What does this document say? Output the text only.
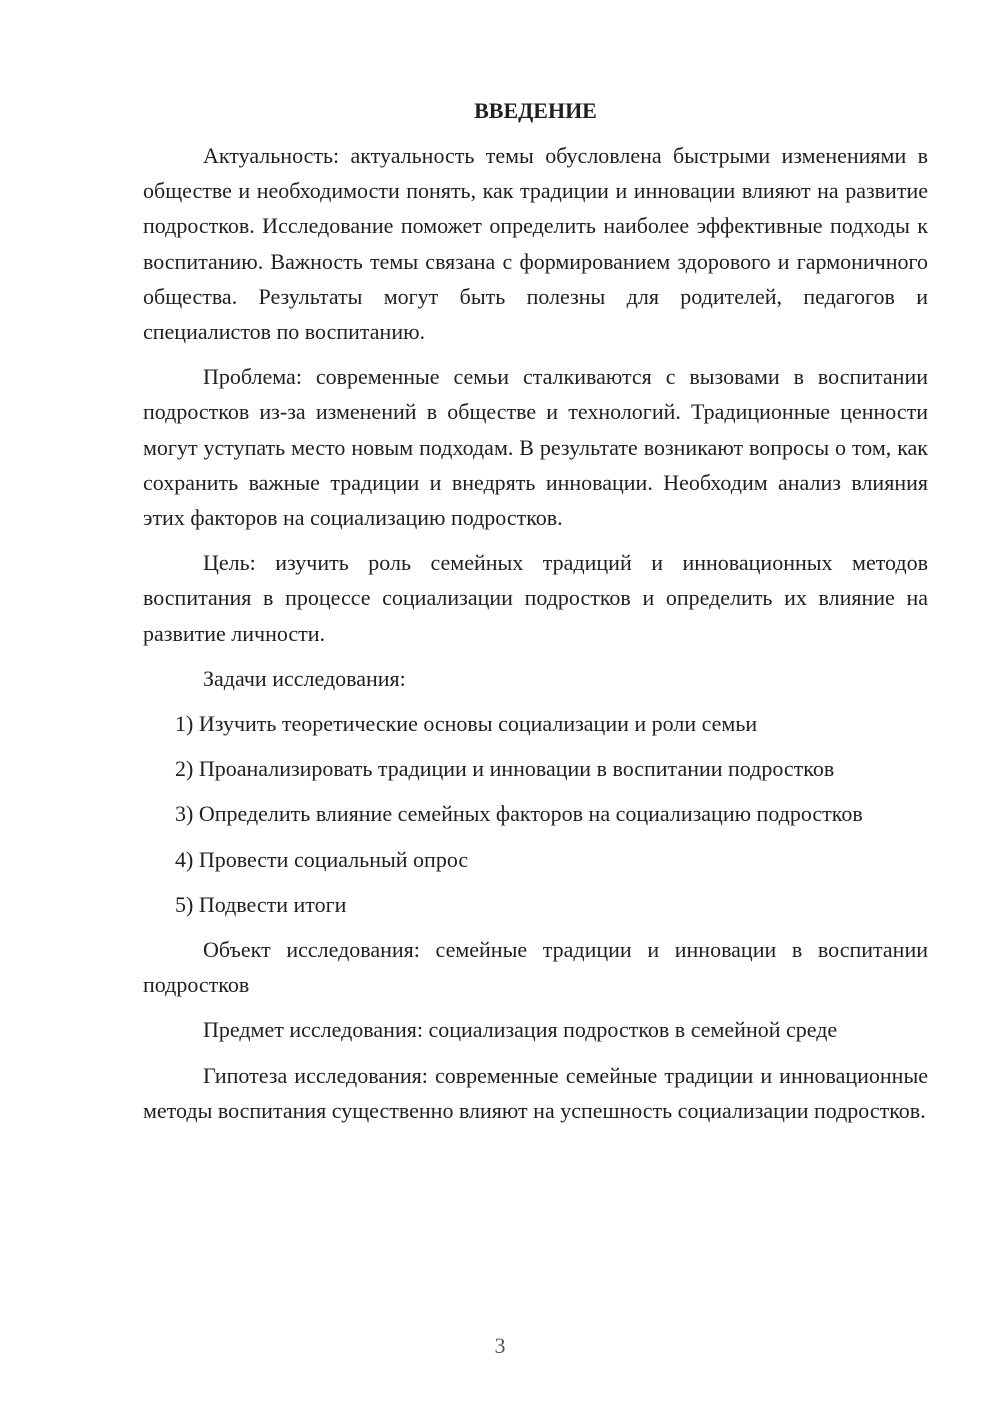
ВВЕДЕНИЕ

Актуальность: актуальность темы обусловлена быстрыми изменениями в обществе и необходимости понять, как традиции и инновации влияют на развитие подростков. Исследование поможет определить наиболее эффективные подходы к воспитанию. Важность темы связана с формированием здорового и гармоничного общества. Результаты могут быть полезны для родителей, педагогов и специалистов по воспитанию.

Проблема: современные семьи сталкиваются с вызовами в воспитании подростков из-за изменений в обществе и технологий. Традиционные ценности могут уступать место новым подходам. В результате возникают вопросы о том, как сохранить важные традиции и внедрять инновации. Необходим анализ влияния этих факторов на социализацию подростков.

Цель: изучить роль семейных традиций и инновационных методов воспитания в процессе социализации подростков и определить их влияние на развитие личности.

Задачи исследования:

1) Изучить теоретические основы социализации и роли семьи

2) Проанализировать традиции и инновации в воспитании подростков

3) Определить влияние семейных факторов на социализацию подростков

4) Провести социальный опрос

5) Подвести итоги

Объект исследования: семейные традиции и инновации в воспитании подростков

Предмет исследования: социализация подростков в семейной среде

Гипотеза исследования: современные семейные традиции и инновационные методы воспитания существенно влияют на успешность социализации подростков.

3
